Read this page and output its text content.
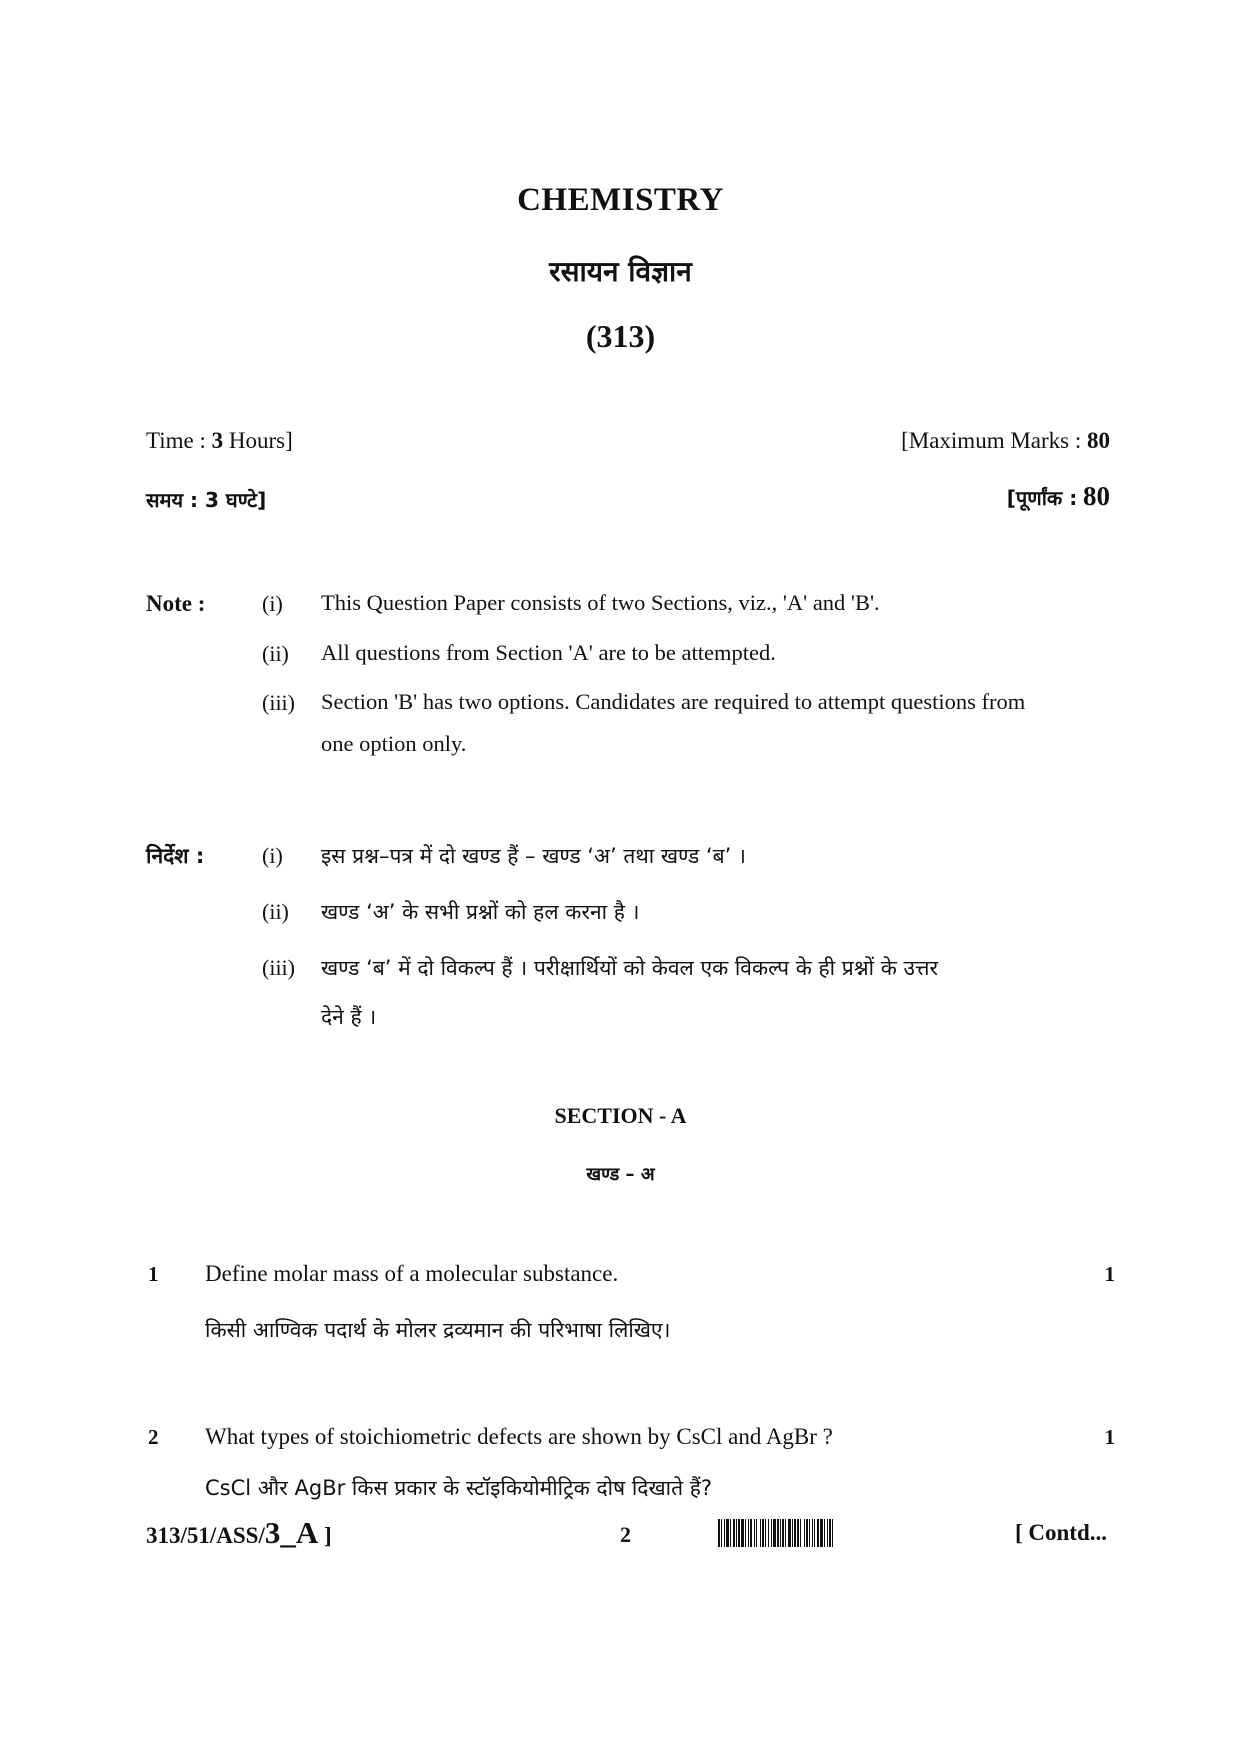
CHEMISTRY
रसायन विज्ञान
(313)
Time : 3 Hours]	[Maximum Marks : 80
समय : 3 घण्टे]	[पूर्णांक : 80
Note :	(i) This Question Paper consists of two Sections, viz., 'A' and 'B'.
(ii) All questions from Section 'A' are to be attempted.
(iii) Section 'B' has two options. Candidates are required to attempt questions from
one option only.
निर्देश :	(i) इस प्रश्न–पत्र में दो खण्ड हैं – खण्ड ‘अ’ तथा खण्ड ‘ब’ ।
(ii) खण्ड ‘अ’ के सभी प्रश्नों को हल करना है ।
(iii) खण्ड ‘ब’ में दो विकल्प हैं । परीक्षार्थियों को केवल एक विकल्प के ही प्रश्नों के उत्तर
देने हैं ।
SECTION - A
खण्ड – अ
1 Define molar mass of a molecular substance.	1
किसी आण्विक पदार्थ के मोलर द्रव्यमान की परिभाषा लिखिए।
2 What types of stoichiometric defects are shown by CsCl and AgBr ?	1
CsCl और AgBr किस प्रकार के स्टॉइकियोमीट्रिक दोष दिखाते हैं?
313/51/ASS/3_A ]	2	[ Contd...
